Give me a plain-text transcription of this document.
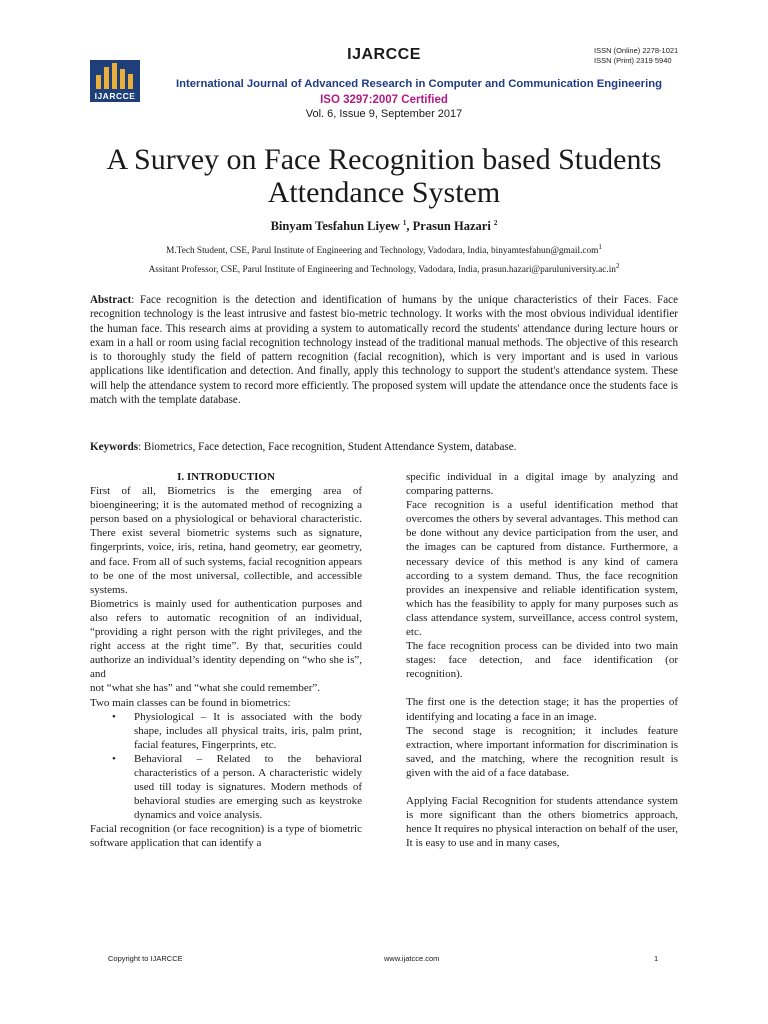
IJARCCE	ISSN (Online) 2278-1021
ISSN (Print) 2319 5940
IJARCCE
International Journal of Advanced Research in Computer and Communication Engineering
ISO 3297:2007 Certified
Vol. 6, Issue 9, September 2017
A Survey on Face Recognition based Students Attendance System
Binyam Tesfahun Liyew $^1$, Prasun Hazari $^2$
M.Tech Student, CSE, Parul Institute of Engineering and Technology, Vadodara, India, binyamtesfahun@gmail.com$^1$
Assitant Professor, CSE, Parul Institute of Engineering and Technology, Vadodara, India, $prasun.hazari@paruluniversity.ac.in^2$
Abstract: Face recognition is the detection and identification of humans by the unique characteristics of their Faces. Face recognition technology is the least intrusive and fastest bio-metric technology. It works with the most obvious individual identifier the human face. This research aims at providing a system to automatically record the students' attendance during lecture hours or exam in a hall or room using facial recognition technology instead of the traditional manual methods. The objective of this research is to thoroughly study the field of pattern recognition (facial recognition), which is very important and is used in various applications like identification and detection. And finally, apply this technology to support the student's attendance system. These will help the attendance system to record more efficiently. The proposed system will update the attendance once the students face is match with the template database.
Keywords: Biometrics, Face detection, Face recognition, Student Attendance System, database.

I. INTRODUCTION

First of all, Biometrics is the emerging area of bioengineering; it is the automated method of recognizing a person based on a physiological or behavioral characteristic. There exist several biometric systems such as signature, fingerprints, voice, iris, retina, hand geometry, ear geometry, and face. From all of such systems, facial recognition appears to be one of the most universal, collectible, and accessible systems.

Biometrics is mainly used for authentication purposes and also refers to automatic recognition of an individual, “providing a right person with the right privileges, and the right access at the right time”. By that, securities could authorize an individual’s identity depending on “who she is”, and

not “what she has” and “what she could remember”.

Two main classes can be found in biometrics:

• Physiological – It is associated with the body shape, includes all physical traits, iris, palm print, facial features, Fingerprints, etc.
• Behavioral – Related to the behavioral characteristics of a person. A characteristic widely used till today is signatures. Modern methods of behavioral studies are emerging such as keystroke dynamics and voice analysis.

Facial recognition (or face recognition) is a type of biometric software application that can identify a

specific individual in a digital image by analyzing and comparing patterns.

Face recognition is a useful identification method that overcomes the others by several advantages. This method can be done without any device participation from the user, and the images can be captured from distance. Furthermore, a necessary device of this method is any kind of camera according to a system demand. Thus, the face recognition provides an inexpensive and reliable identification system, which has the feasibility to apply for many purposes such as class attendance system, surveillance, access control system, etc.

The face recognition process can be divided into two main stages: face detection, and face identification (or recognition).

The first one is the detection stage; it has the properties of identifying and locating a face in an image.

The second stage is recognition; it includes feature extraction, where important information for discrimination is saved, and the matching, where the recognition result is given with the aid of a face database.

Applying Facial Recognition for students attendance system is more significant than the others biometrics approach, hence It requires no physical interaction on behalf of the user, It is easy to use and in many cases,

Copyright to IJARCCE	www.ijatcce.com	1
